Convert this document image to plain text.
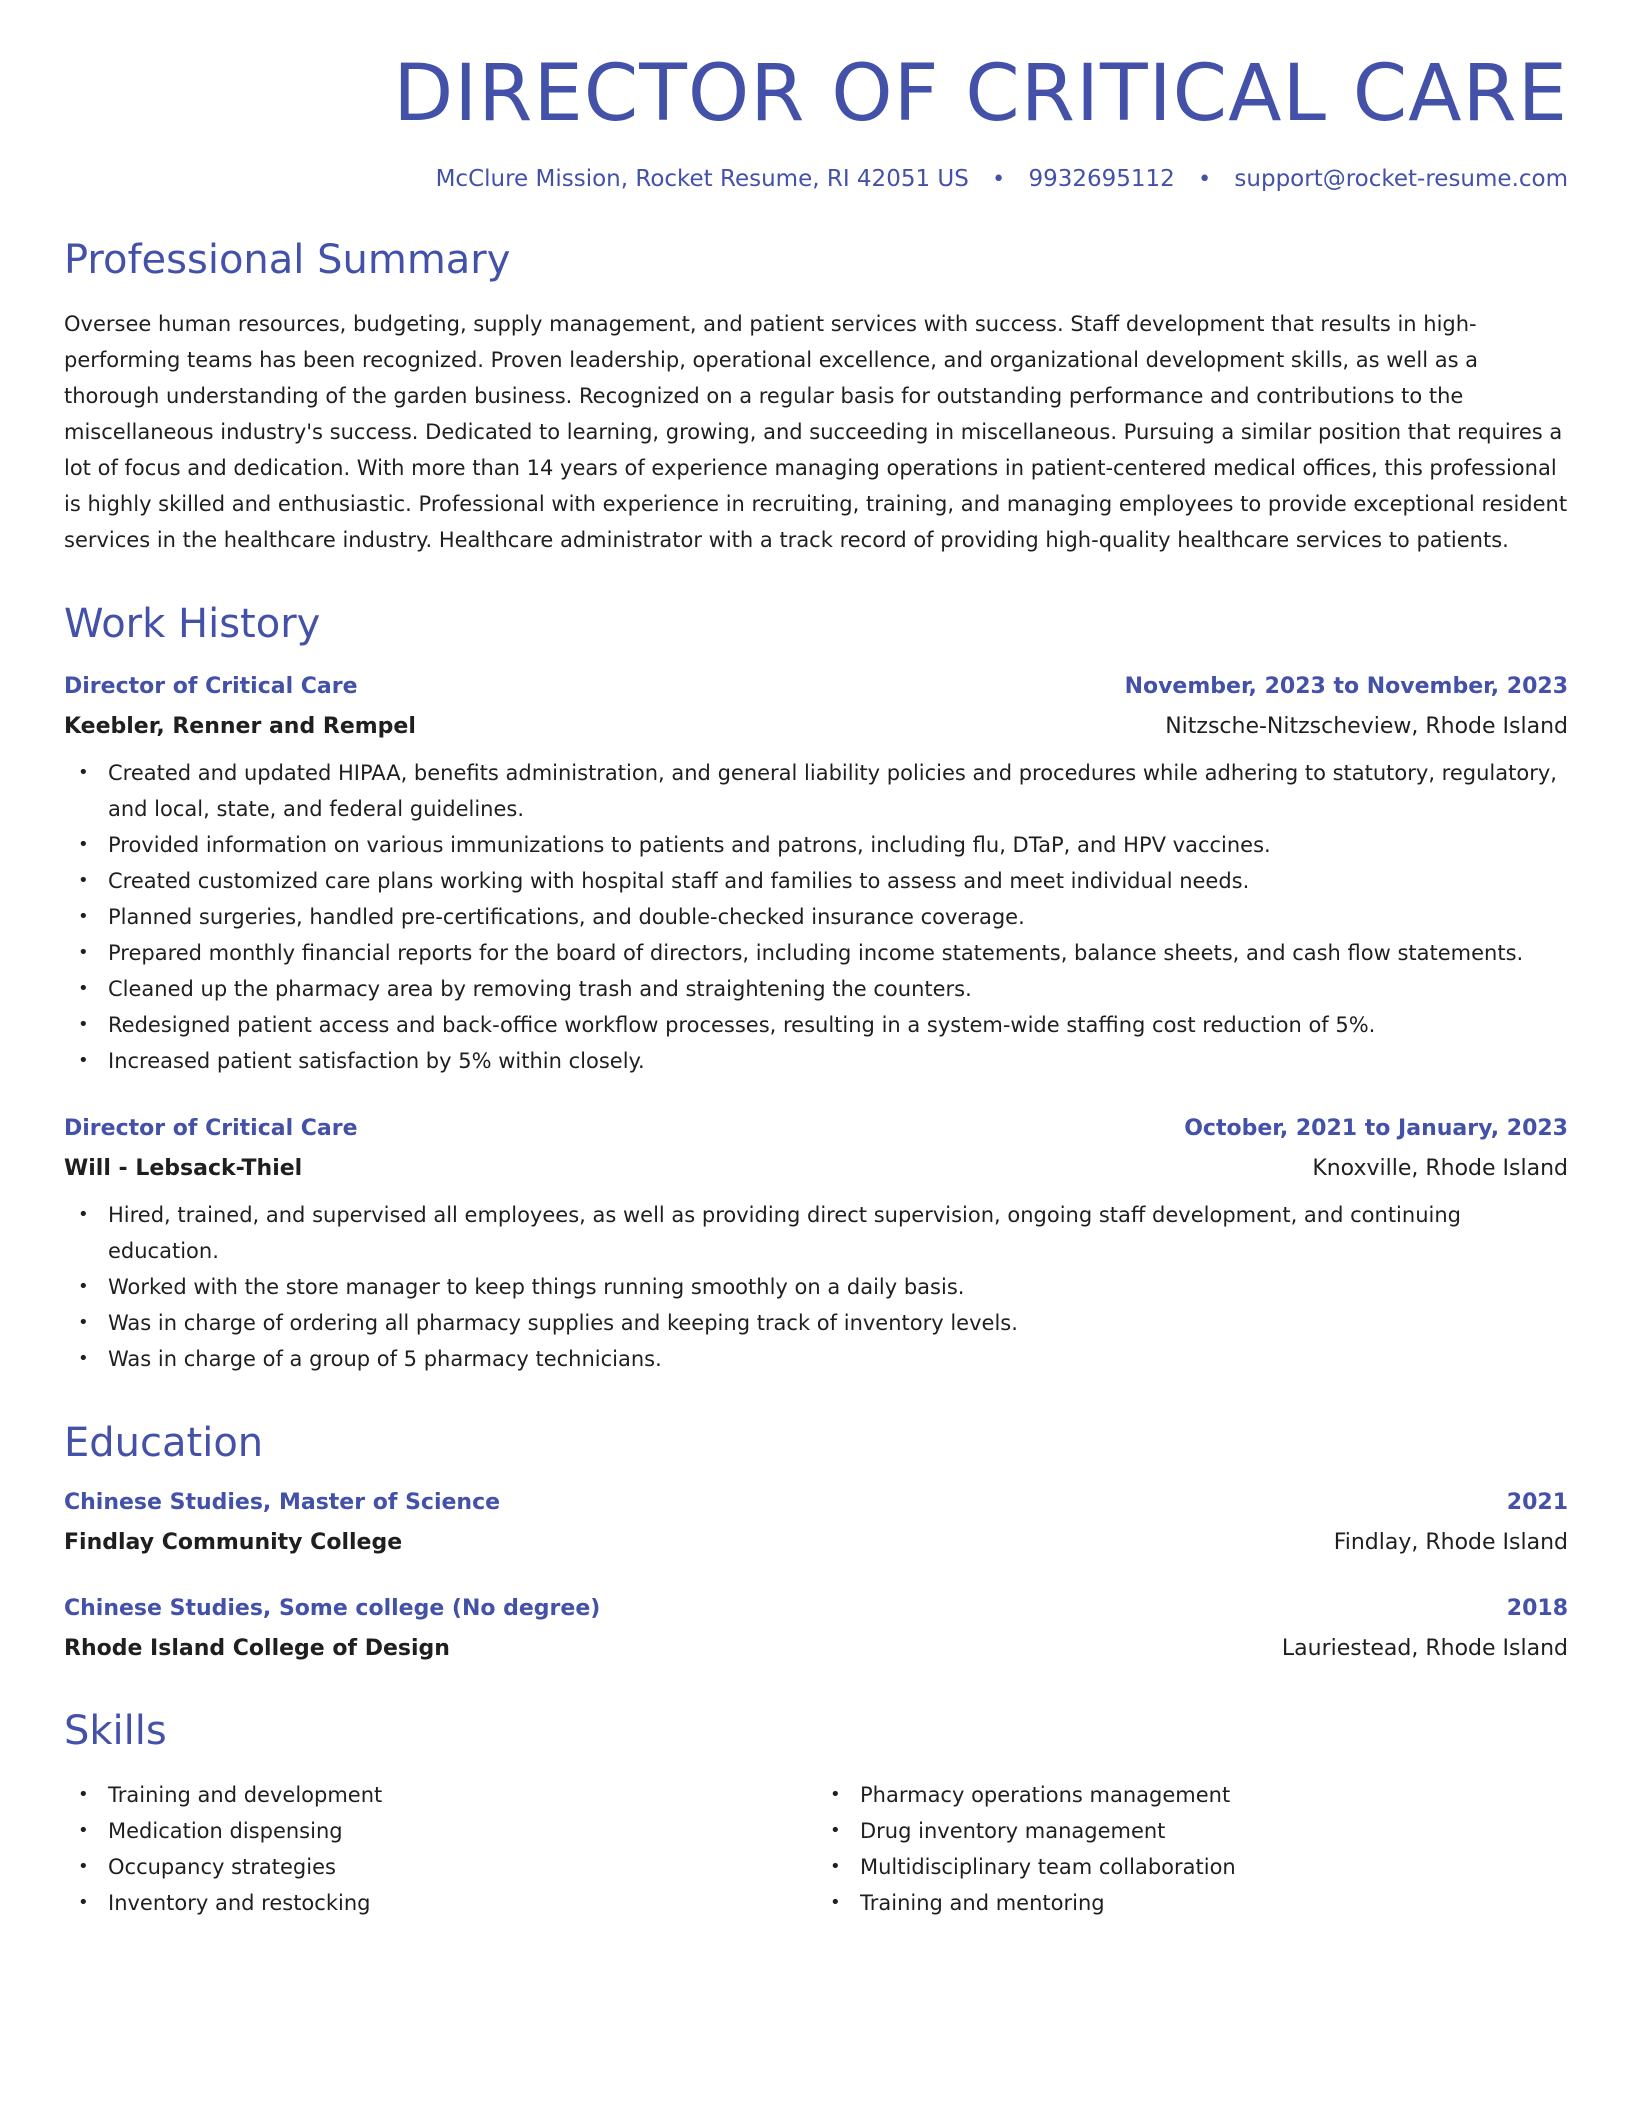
DIRECTOR OF CRITICAL CARE
McClure Mission, Rocket Resume, RI 42051 US • 9932695112 • support@rocket-resume.com
Professional Summary
Oversee human resources, budgeting, supply management, and patient services with success. Staff development that results in high-performing teams has been recognized. Proven leadership, operational excellence, and organizational development skills, as well as a thorough understanding of the garden business. Recognized on a regular basis for outstanding performance and contributions to the miscellaneous industry's success. Dedicated to learning, growing, and succeeding in miscellaneous. Pursuing a similar position that requires a lot of focus and dedication. With more than 14 years of experience managing operations in patient-centered medical offices, this professional is highly skilled and enthusiastic. Professional with experience in recruiting, training, and managing employees to provide exceptional resident services in the healthcare industry. Healthcare administrator with a track record of providing high-quality healthcare services to patients.
Work History
Director of Critical Care	November, 2023 to November, 2023
Keebler, Renner and Rempel	Nitzsche-Nitzscheview, Rhode Island
• Created and updated HIPAA, benefits administration, and general liability policies and procedures while adhering to statutory, regulatory, and local, state, and federal guidelines.
• Provided information on various immunizations to patients and patrons, including flu, DTaP, and HPV vaccines.
• Created customized care plans working with hospital staff and families to assess and meet individual needs.
• Planned surgeries, handled pre-certifications, and double-checked insurance coverage.
• Prepared monthly financial reports for the board of directors, including income statements, balance sheets, and cash flow statements.
• Cleaned up the pharmacy area by removing trash and straightening the counters.
• Redesigned patient access and back-office workflow processes, resulting in a system-wide staffing cost reduction of 5%.
• Increased patient satisfaction by 5% within closely.
Director of Critical Care	October, 2021 to January, 2023
Will - Lebsack-Thiel	Knoxville, Rhode Island
• Hired, trained, and supervised all employees, as well as providing direct supervision, ongoing staff development, and continuing education.
• Worked with the store manager to keep things running smoothly on a daily basis.
• Was in charge of ordering all pharmacy supplies and keeping track of inventory levels.
• Was in charge of a group of 5 pharmacy technicians.
Education
Chinese Studies, Master of Science	2021
Findlay Community College	Findlay, Rhode Island
Chinese Studies, Some college (No degree)	2018
Rhode Island College of Design	Lauriestead, Rhode Island
Skills
• Training and development
• Medication dispensing
• Occupancy strategies
• Inventory and restocking
• Pharmacy operations management
• Drug inventory management
• Multidisciplinary team collaboration
• Training and mentoring
